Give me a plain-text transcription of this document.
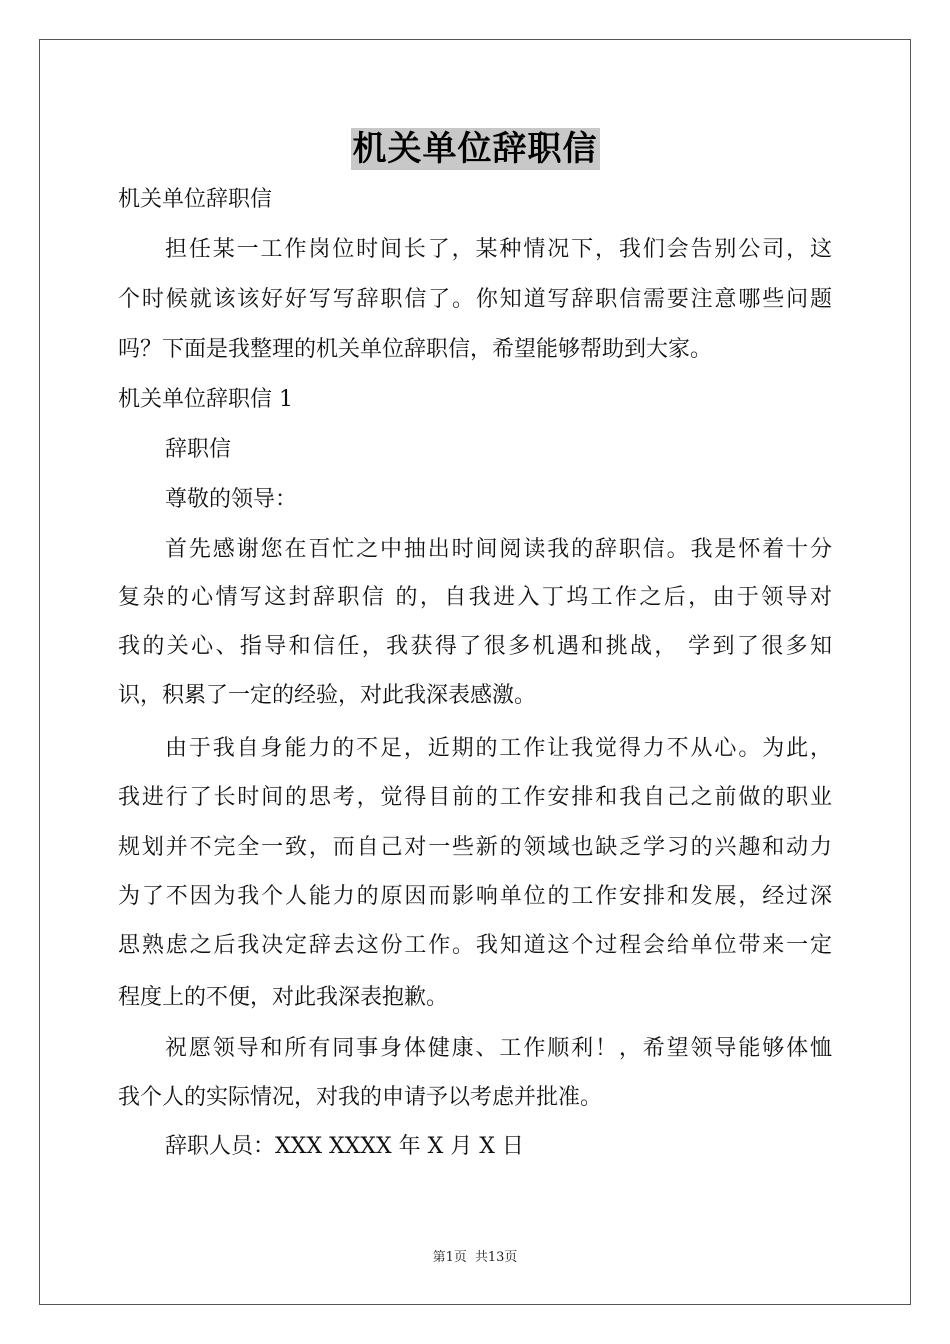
机关单位辞职信
机关单位辞职信
担任某一工作岗位时间长了，某种情况下，我们会告别公司，这
个时候就该该好好写写辞职信了。你知道写辞职信需要注意哪些问题
吗？下面是我整理的机关单位辞职信，希望能够帮助到大家。
机关单位辞职信 1
辞职信
尊敬的领导：
首先感谢您在百忙之中抽出时间阅读我的辞职信。我是怀着十分
复杂的心情写这封辞职信 的，自我进入丁坞工作之后，由于领导对
我的关心、指导和信任，我获得了很多机遇和挑战， 学到了很多知
识，积累了一定的经验，对此我深表感激。
由于我自身能力的不足，近期的工作让我觉得力不从心。为此，
我进行了长时间的思考，觉得目前的工作安排和我自己之前做的职业
规划并不完全一致，而自己对一些新的领域也缺乏学习的兴趣和动力
为了不因为我个人能力的原因而影响单位的工作安排和发展，经过深
思熟虑之后我决定辞去这份工作。我知道这个过程会给单位带来一定
程度上的不便，对此我深表抱歉。
祝愿领导和所有同事身体健康、工作顺利！，希望领导能够体恤
我个人的实际情况，对我的申请予以考虑并批准。
辞职人员：XXX XXXX 年 X 月 X 日
第1页 共13页
